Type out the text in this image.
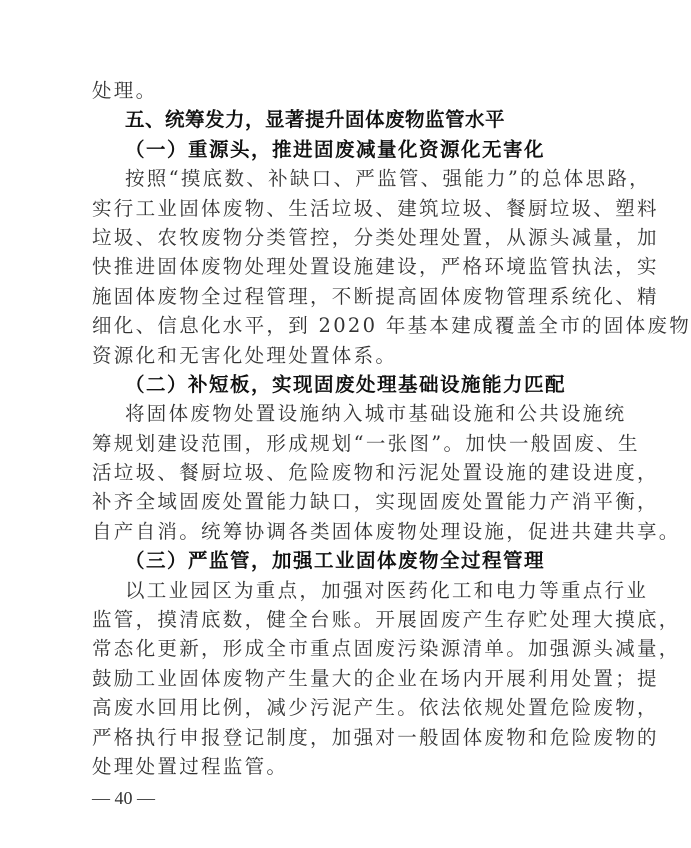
处理。
五、统筹发力，显著提升固体废物监管水平
（一）重源头，推进固废减量化资源化无害化
按照“摸底数、补缺口、严监管、强能力”的总体思路，
实行工业固体废物、生活垃圾、建筑垃圾、餐厨垃圾、塑料
垃圾、农牧废物分类管控，分类处理处置，从源头减量，加
快推进固体废物处理处置设施建设，严格环境监管执法，实
施固体废物全过程管理，不断提高固体废物管理系统化、精
细化、信息化水平，到 2020 年基本建成覆盖全市的固体废物
资源化和无害化处理处置体系。
（二）补短板，实现固废处理基础设施能力匹配
将固体废物处置设施纳入城市基础设施和公共设施统
筹规划建设范围，形成规划“一张图”。加快一般固废、生
活垃圾、餐厨垃圾、危险废物和污泥处置设施的建设进度，
补齐全域固废处置能力缺口，实现固废处置能力产消平衡，
自产自消。统筹协调各类固体废物处理设施，促进共建共享。
（三）严监管，加强工业固体废物全过程管理
以工业园区为重点，加强对医药化工和电力等重点行业
监管，摸清底数，健全台账。开展固废产生存贮处理大摸底，
常态化更新，形成全市重点固废污染源清单。加强源头减量，
鼓励工业固体废物产生量大的企业在场内开展利用处置；提
高废水回用比例，减少污泥产生。依法依规处置危险废物，
严格执行申报登记制度，加强对一般固体废物和危险废物的
处理处置过程监管。
— 40 —
